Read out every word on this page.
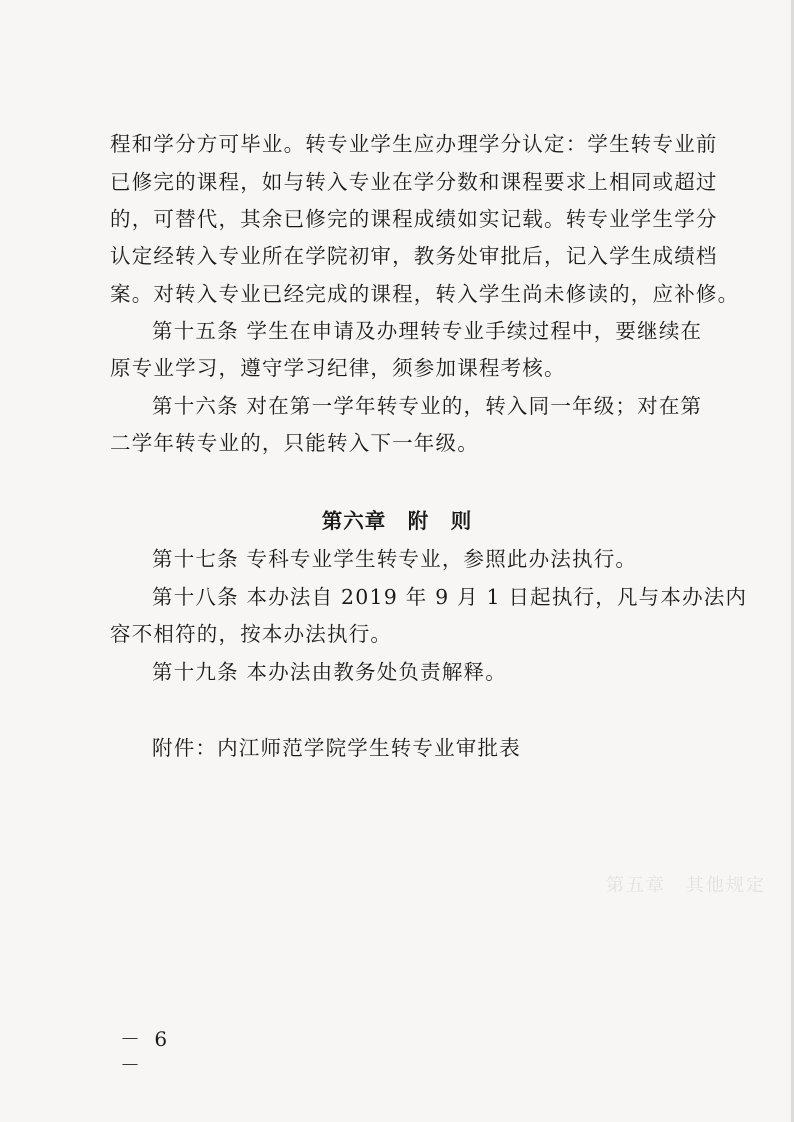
第五章　其他规定
程和学分方可毕业。转专业学生应办理学分认定：学生转专业前
已修完的课程，如与转入专业在学分数和课程要求上相同或超过
的，可替代，其余已修完的课程成绩如实记载。转专业学生学分
认定经转入专业所在学院初审，教务处审批后，记入学生成绩档
案。对转入专业已经完成的课程，转入学生尚未修读的，应补修。
第十五条 学生在申请及办理转专业手续过程中，要继续在
原专业学习，遵守学习纪律，须参加课程考核。
第十六条 对在第一学年转专业的，转入同一年级；对在第
二学年转专业的，只能转入下一年级。
第六章　附　则
第十七条 专科专业学生转专业，参照此办法执行。
第十八条 本办法自 2019 年 9 月 1 日起执行，凡与本办法内
容不相符的，按本办法执行。
第十九条 本办法由教务处负责解释。
附件：内江师范学院学生转专业审批表
－ 6 －
